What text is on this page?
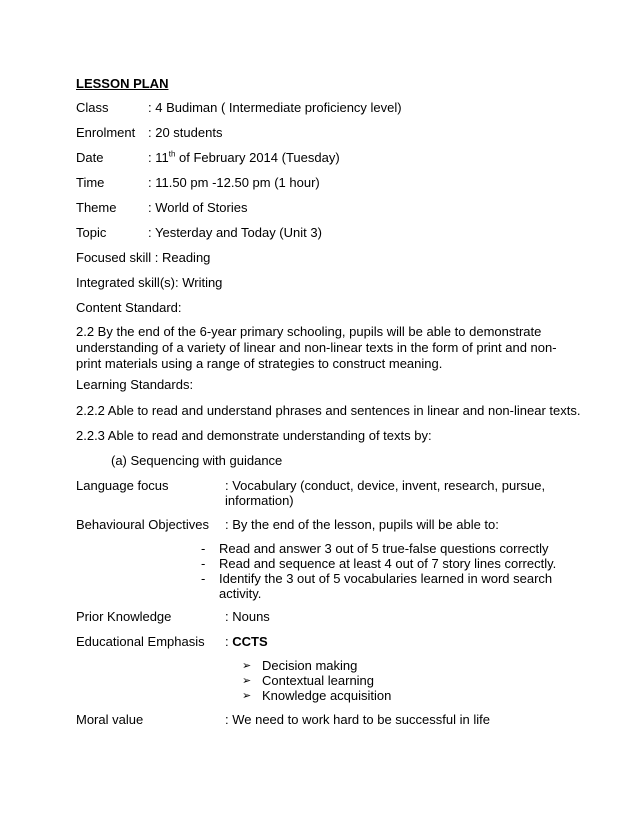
LESSON PLAN
Class	: 4 Budiman ( Intermediate proficiency level)
Enrolment : 20 students
Date	: 11th of February 2014 (Tuesday)
Time	: 11.50 pm -12.50 pm (1 hour)
Theme : World of Stories
Topic	: Yesterday and Today (Unit 3)
Focused skill : Reading
Integrated skill(s): Writing
Content Standard:
2.2 By the end of the 6-year primary schooling, pupils will be able to demonstrate understanding of a variety of linear and non-linear texts in the form of print and non-print materials using a range of strategies to construct meaning.
Learning Standards:
2.2.2 Able to read and understand phrases and sentences in linear and non-linear texts.
2.2.3 Able to read and demonstrate understanding of texts by:
(a) Sequencing with guidance
Language focus	: Vocabulary (conduct, device, invent, research, pursue, information)
Behavioural Objectives : By the end of the lesson, pupils will be able to:
- Read and answer 3 out of 5 true-false questions correctly
- Read and sequence at least 4 out of 7 story lines correctly.
- Identify the 3 out of 5 vocabularies learned in word search activity.
Prior Knowledge	: Nouns
Educational Emphasis : CCTS
➢ Decision making
➢ Contextual learning
➢ Knowledge acquisition
Moral value	: We need to work hard to be successful in life
